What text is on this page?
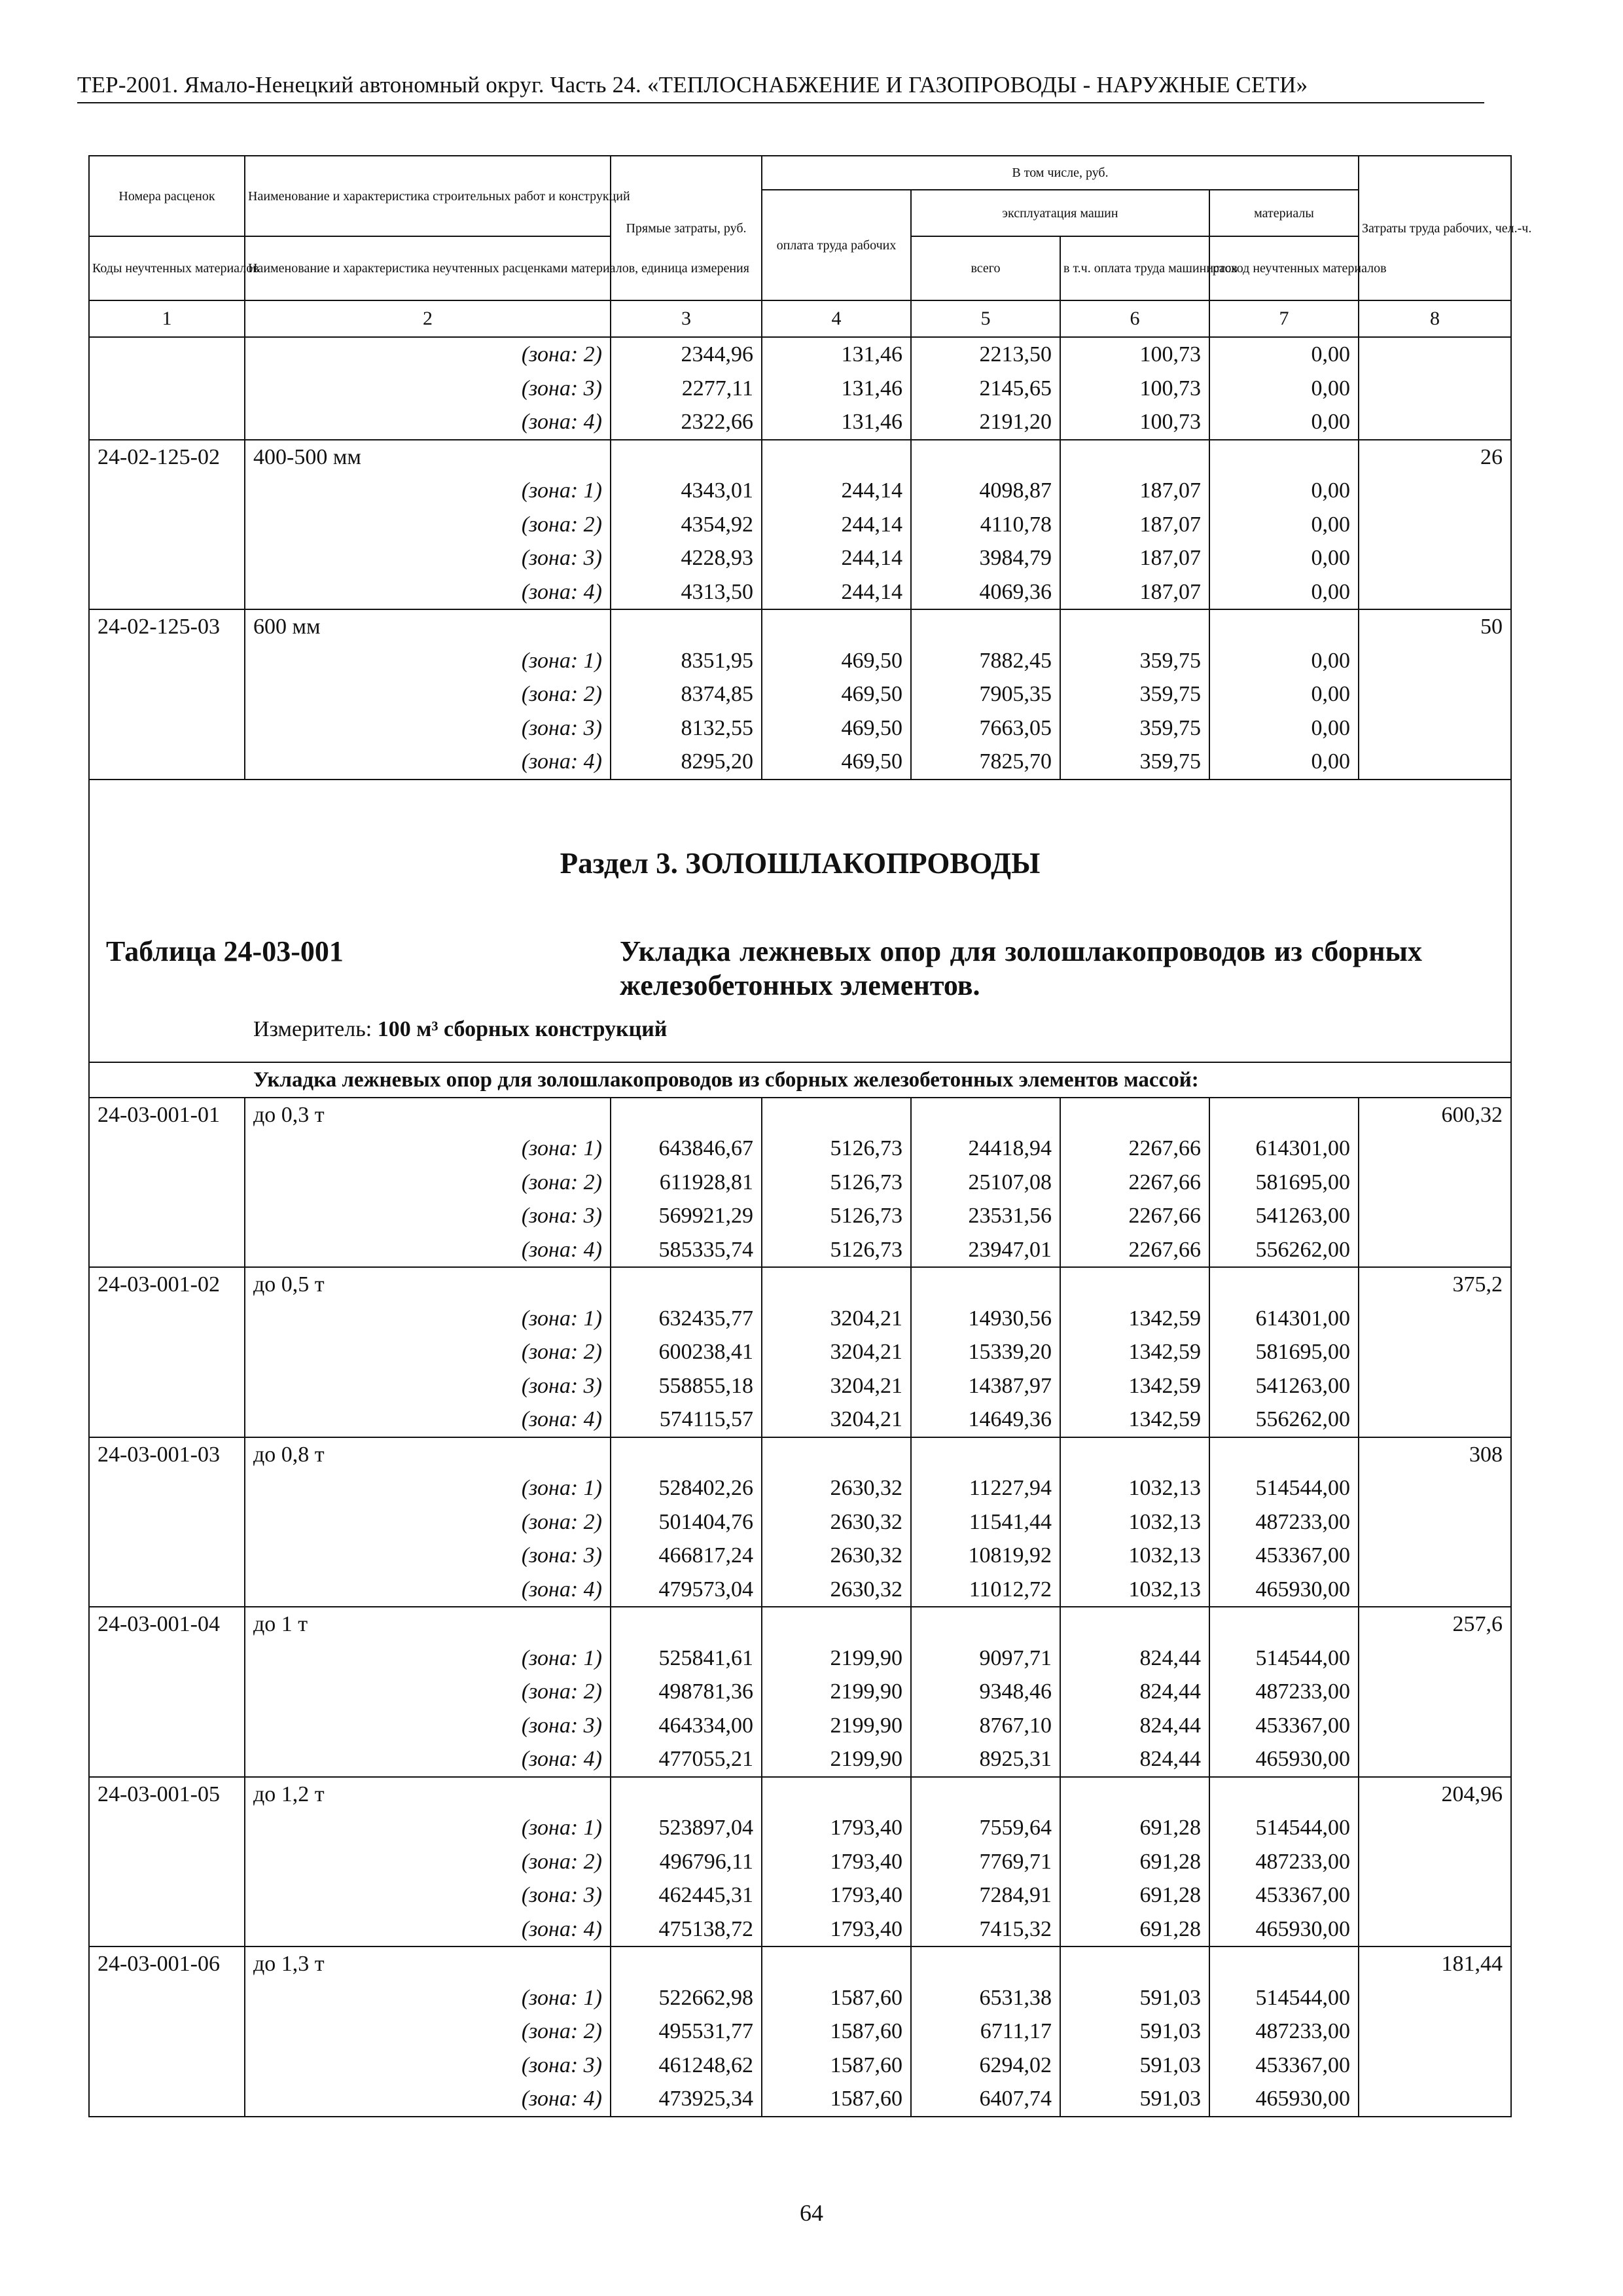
ТЕР-2001. Ямало-Ненецкий автономный округ. Часть 24. «ТЕПЛОСНАБЖЕНИЕ И ГАЗОПРОВОДЫ - НАРУЖНЫЕ СЕТИ»
Номера расценок	Наименование и характеристика строительных работ и конструкций	Прямые затраты, руб.	В том числе, руб.				Затраты труда рабочих, чел.-ч.
			оплата труда рабочих	эксплуатация машин		материалы	
Коды неучтенных материалов	Наименование и характеристика неучтенных расценками материалов, единица измерения			всего	в т.ч. оплата труда машинистов	расход неучтенных материалов	
1	2	3	4	5	6	7	8
	(зона: 2)	2344,96	131,46	2213,50	100,73	0,00	
	(зона: 3)	2277,11	131,46	2145,65	100,73	0,00	
	(зона: 4)	2322,66	131,46	2191,20	100,73	0,00	
24-02-125-02	400-500 мм						26
	(зона: 1)	4343,01	244,14	4098,87	187,07	0,00	
	(зона: 2)	4354,92	244,14	4110,78	187,07	0,00	
	(зона: 3)	4228,93	244,14	3984,79	187,07	0,00	
	(зона: 4)	4313,50	244,14	4069,36	187,07	0,00	
24-02-125-03	600 мм						50
	(зона: 1)	8351,95	469,50	7882,45	359,75	0,00	
	(зона: 2)	8374,85	469,50	7905,35	359,75	0,00	
	(зона: 3)	8132,55	469,50	7663,05	359,75	0,00	
	(зона: 4)	8295,20	469,50	7825,70	359,75	0,00	

Раздел 3. ЗОЛОШЛАКОПРОВОДЫ
Таблица 24-03-001 Укладка лежневых опор для золошлакопроводов из сборных железобетонных элементов.
Измеритель: 100 м³ сборных конструкций							

Укладка лежневых опор для золошлакопроводов из сборных железобетонных элементов массой:							
24-03-001-01	до 0,3 т						600,32
	(зона: 1)	643846,67	5126,73	24418,94	2267,66	614301,00	
	(зона: 2)	611928,81	5126,73	25107,08	2267,66	581695,00	
	(зона: 3)	569921,29	5126,73	23531,56	2267,66	541263,00	
	(зона: 4)	585335,74	5126,73	23947,01	2267,66	556262,00	
24-03-001-02	до 0,5 т						375,2
	(зона: 1)	632435,77	3204,21	14930,56	1342,59	614301,00	
	(зона: 2)	600238,41	3204,21	15339,20	1342,59	581695,00	
	(зона: 3)	558855,18	3204,21	14387,97	1342,59	541263,00	
	(зона: 4)	574115,57	3204,21	14649,36	1342,59	556262,00	
24-03-001-03	до 0,8 т						308
	(зона: 1)	528402,26	2630,32	11227,94	1032,13	514544,00	
	(зона: 2)	501404,76	2630,32	11541,44	1032,13	487233,00	
	(зона: 3)	466817,24	2630,32	10819,92	1032,13	453367,00	
	(зона: 4)	479573,04	2630,32	11012,72	1032,13	465930,00	
24-03-001-04	до 1 т						257,6
	(зона: 1)	525841,61	2199,90	9097,71	824,44	514544,00	
	(зона: 2)	498781,36	2199,90	9348,46	824,44	487233,00	
	(зона: 3)	464334,00	2199,90	8767,10	824,44	453367,00	
	(зона: 4)	477055,21	2199,90	8925,31	824,44	465930,00	
24-03-001-05	до 1,2 т						204,96
	(зона: 1)	523897,04	1793,40	7559,64	691,28	514544,00	
	(зона: 2)	496796,11	1793,40	7769,71	691,28	487233,00	
	(зона: 3)	462445,31	1793,40	7284,91	691,28	453367,00	
	(зона: 4)	475138,72	1793,40	7415,32	691,28	465930,00	
24-03-001-06	до 1,3 т						181,44
	(зона: 1)	522662,98	1587,60	6531,38	591,03	514544,00	
	(зона: 2)	495531,77	1587,60	6711,17	591,03	487233,00	
	(зона: 3)	461248,62	1587,60	6294,02	591,03	453367,00	
	(зона: 4)	473925,34	1587,60	6407,74	591,03	465930,00	
64
